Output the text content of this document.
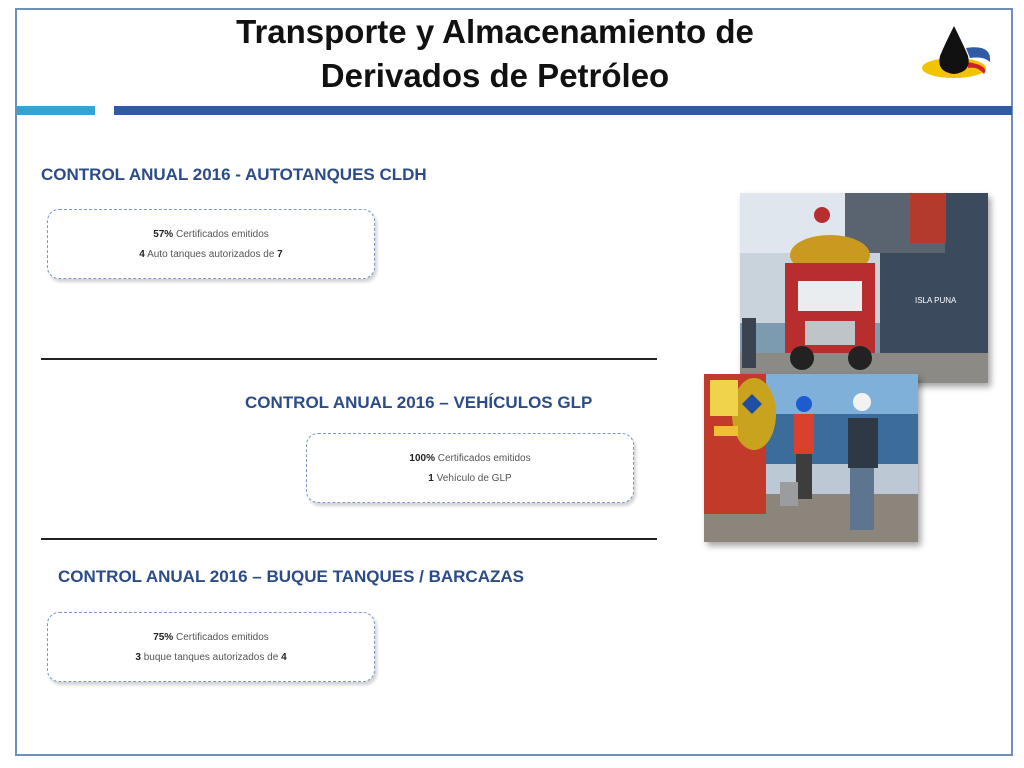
Transporte y Almacenamiento de
Derivados de Petróleo
CONTROL ANUAL 2016 - AUTOTANQUES CLDH
57% Certificados emitidos
4 Auto tanques autorizados de 7
CONTROL ANUAL 2016 – VEHÍCULOS GLP
100% Certificados emitidos
1 Vehículo de GLP
CONTROL ANUAL 2016 – BUQUE TANQUES / BARCAZAS
75% Certificados emitidos
3 buque tanques autorizados de 4
ISLA PUNA
